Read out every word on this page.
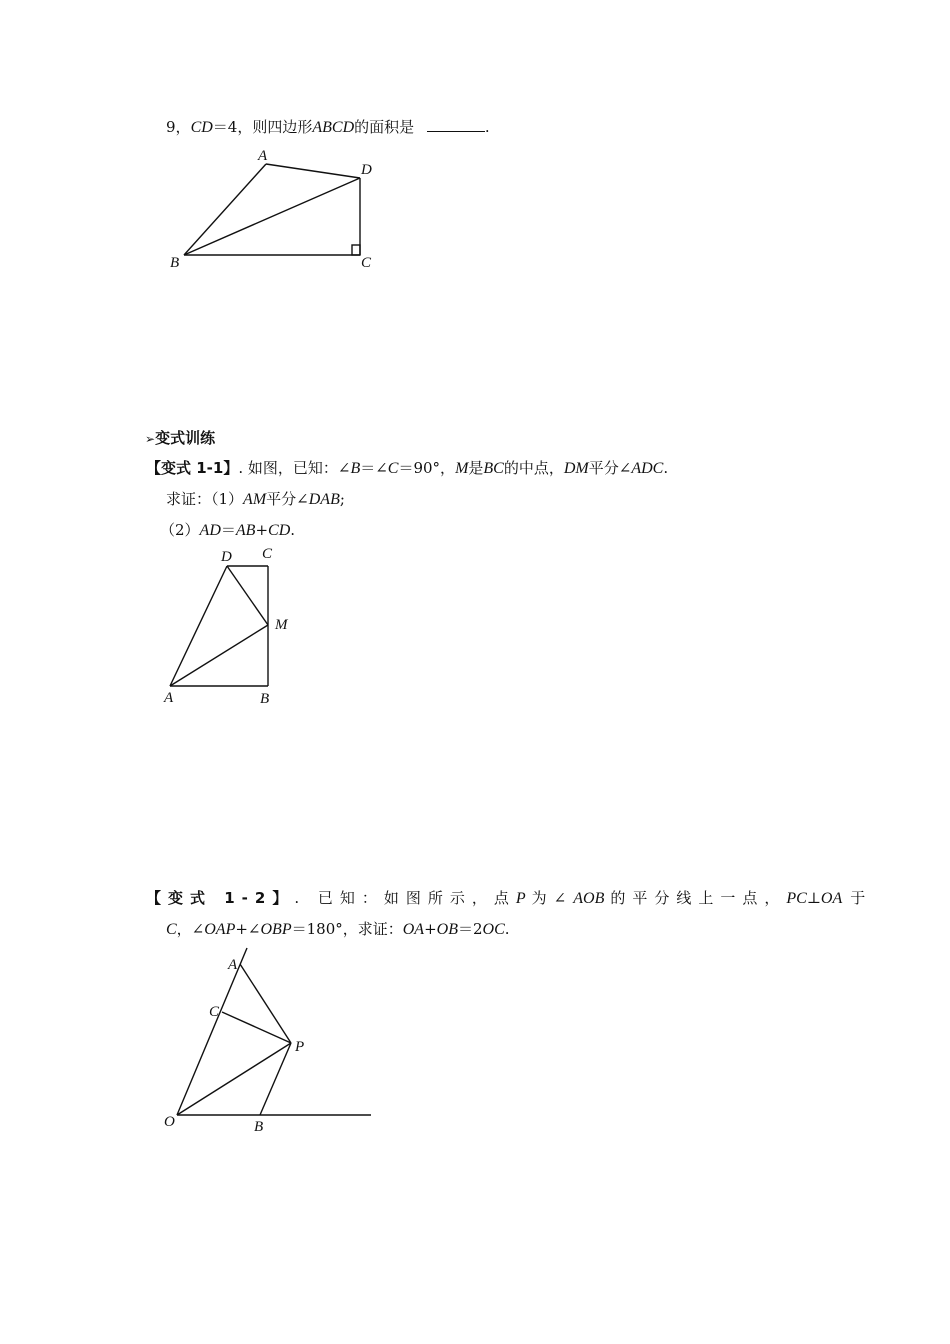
9，CD＝4，则四边形ABCD的面积是	.
A
D
B	C
D C
M
A	B
A
C
P
O	B
➢变式训练
【变式 1-1】. 如图，已知：∠B＝∠C＝90°，M是BC的中点，DM平分∠ADC.
求证：（1）AM平分∠DAB;
（2）AD＝AB+CD.
【变式 1-2】. 已知：如图所示，点P 为∠AOB 的平分线上一点，PC⊥OA 于
C，∠OAP+∠OBP＝180°，求证：OA+OB＝2OC.
